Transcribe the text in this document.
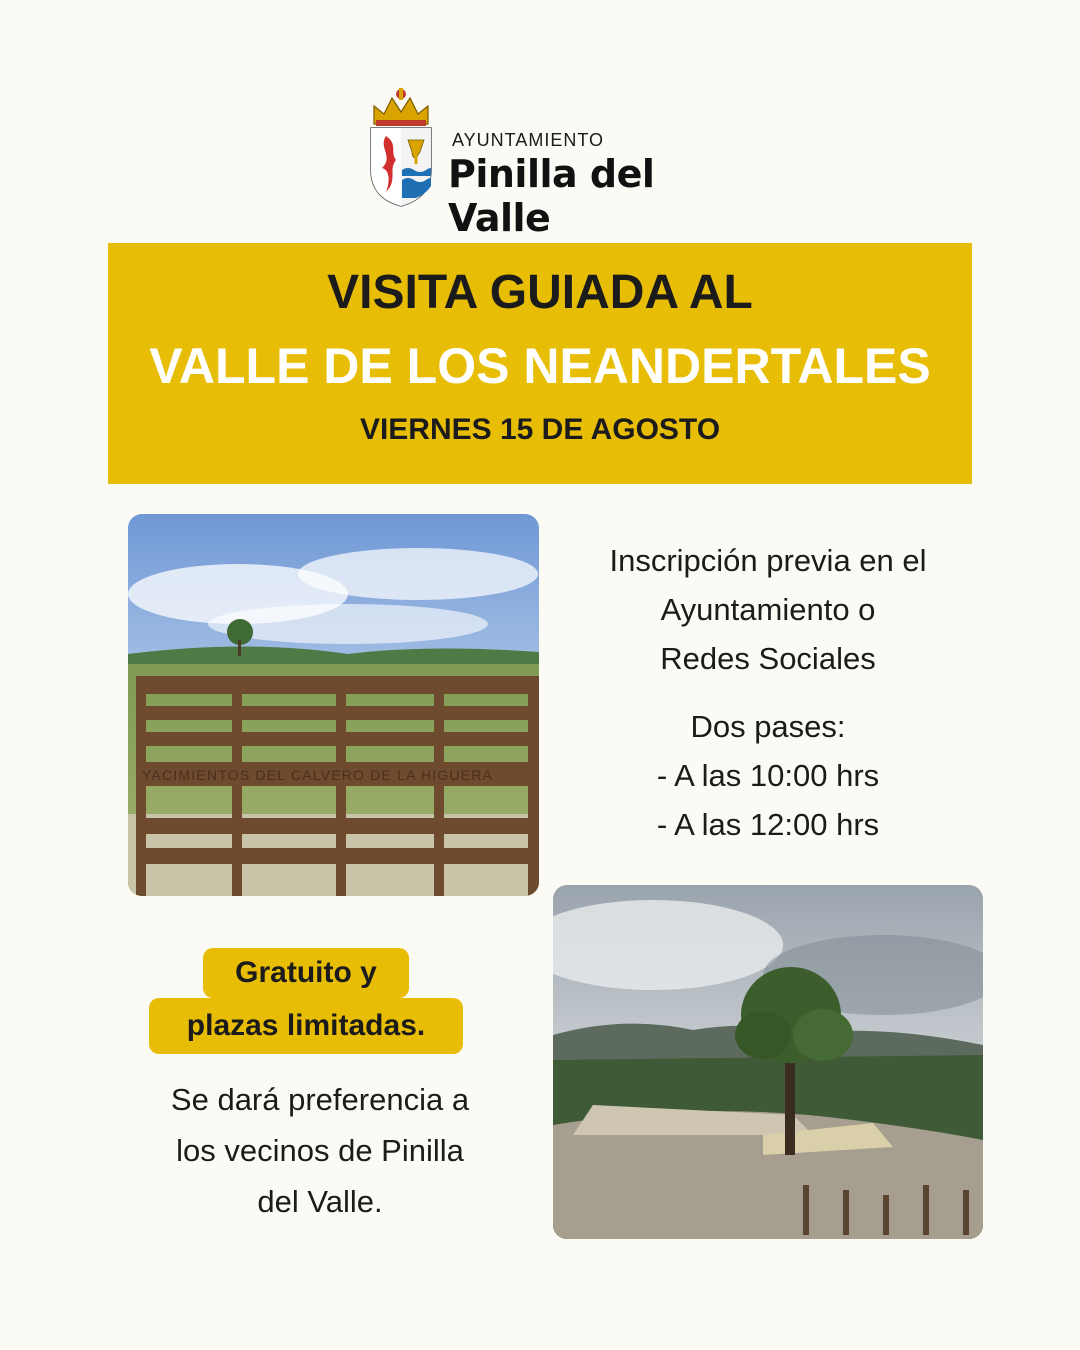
AYUNTAMIENTO
Pinilla del Valle
VISITA GUIADA AL
VALLE DE LOS NEANDERTALES
VIERNES 15 DE AGOSTO
YACIMIENTOS DEL CALVERO DE LA HIGUERA
Inscripción previa en el
Ayuntamiento o
Redes Sociales
Dos pases:
- A las 10:00 hrs
- A las 12:00 hrs
Gratuito y
plazas limitadas.
Se dará preferencia a
los vecinos de Pinilla
del Valle.
